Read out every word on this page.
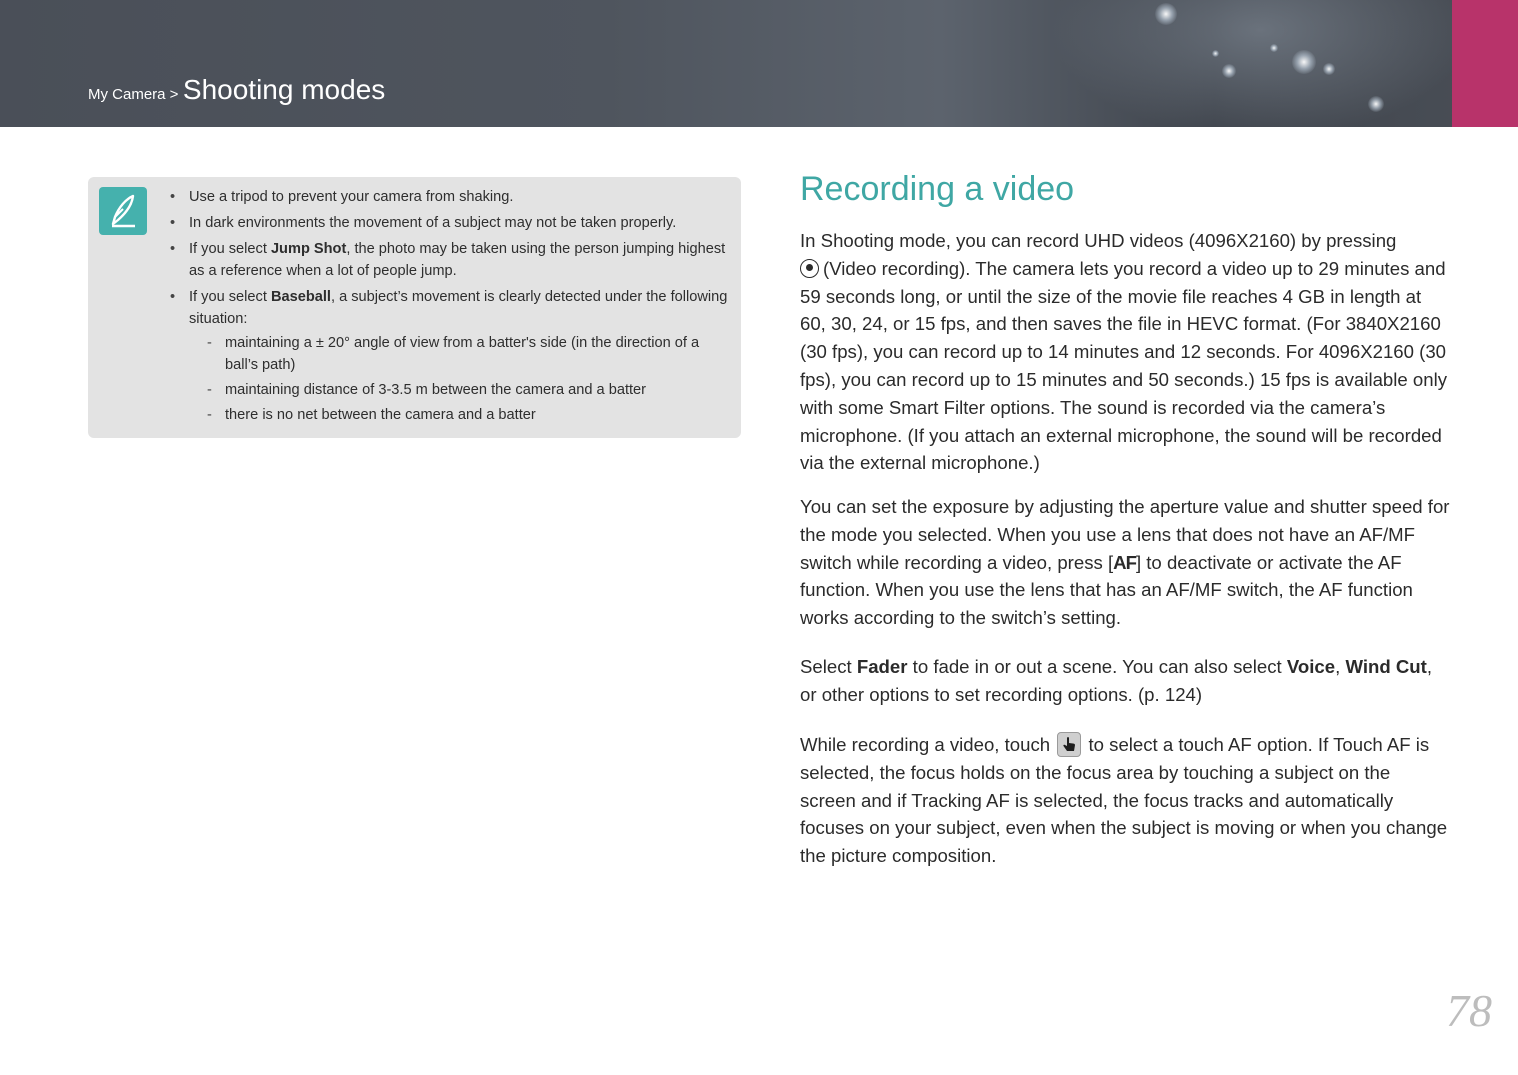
My Camera > Shooting modes
• Use a tripod to prevent your camera from shaking.
• In dark environments the movement of a subject may not be taken properly.
• If you select Jump Shot, the photo may be taken using the person jumping highest as a reference when a lot of people jump.
• If you select Baseball, a subject’s movement is clearly detected under the following situation:
- maintaining a ± 20° angle of view from a batter's side (in the direction of a ball’s path)
- maintaining distance of 3-3.5 m between the camera and a batter
- there is no net between the camera and a batter
Recording a video

In Shooting mode, you can record UHD videos (4096X2160) by pressing
(Video recording). The camera lets you record a video up to 29 minutes and 59 seconds long, or until the size of the movie file reaches 4 GB in length at 60, 30, 24, or 15 fps, and then saves the file in HEVC format. (For 3840X2160 (30 fps), you can record up to 14 minutes and 12 seconds. For 4096X2160 (30 fps), you can record up to 15 minutes and 50 seconds.) 15 fps is available only with some Smart Filter options. The sound is recorded via the camera’s microphone. (If you attach an external microphone, the sound will be recorded via the external microphone.)

You can set the exposure by adjusting the aperture value and shutter speed for the mode you selected. When you use a lens that does not have an AF/MF switch while recording a video, press [AF] to deactivate or activate the AF function. When you use the lens that has an AF/MF switch, the AF function works according to the switch’s setting.

Select Fader to fade in or out a scene. You can also select Voice, Wind Cut, or other options to set recording options. (p. 124)

While recording a video, touch to select a touch AF option. If Touch AF is selected, the focus holds on the focus area by touching a subject on the screen and if Tracking AF is selected, the focus tracks and automatically focuses on your subject, even when the subject is moving or when you change the picture composition.

78
